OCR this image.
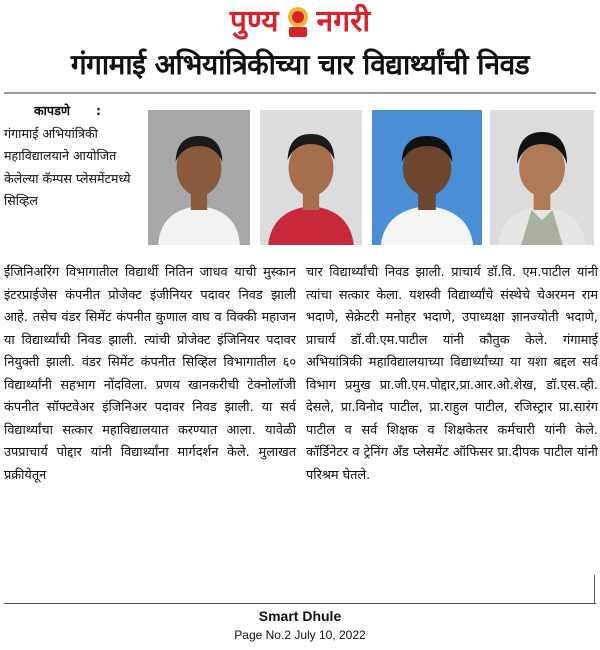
पुण्य नगरी
गंगामाई अभियांत्रिकीच्या चार विद्यार्थ्यांची निवड
कापडणे :
गंगामाई अभियांत्रिकी महाविद्यालयाने आयोजित केलेल्या कॅम्पस प्लेसमेंटमध्ये सिव्हिल
ईंजिनिअरिंग विभागातील विद्यार्थी नितिन जाधव याची मुस्कान इंटरप्राईजेस कंपनीत प्रोजेक्ट इंजीनियर पदावर निवड झाली आहे. तसेच वंडर सिमेंट कंपनीत कुणाल वाघ व विक्की महाजन या विद्यार्थ्यांची निवड झाली. त्यांची प्रोजेक्ट इंजिनियर पदावर नियुक्ती झाली. वंडर सिमेंट कंपनीत सिव्हिल विभागातील ६० विद्यार्थ्यांनी सहभाग नोंदविला. प्रणय खानकरीची टेक्नोलॉजी कंपनीत सॉफ्टवेअर इंजिनिअर पदावर निवड झाली. या सर्व विद्यार्थ्यांचा सत्कार महाविद्यालयात करण्यात आला. यावेळी उपप्राचार्य पोद्दार यांनी विद्यार्थ्यांना मार्गदर्शन केले. मुलाखत प्रक्रीयेतून
चार विद्यार्थ्यांची निवड झाली. प्राचार्य डॉ.वि. एम.पाटील यांनी त्यांचा सत्कार केला. यशस्वी विद्यार्थ्यांचे संस्थेचे चेअरमन राम भदाणे, सेक्रेटरी मनोहर भदाणे, उपाध्यक्षा ज्ञानज्योती भदाणे, प्राचार्य डॉ.वी.एम.पाटील यांनी कौतुक केले. गंगामाई अभियांत्रिकी महाविद्यालयाच्या विद्यार्थ्यांच्या या यशा बद्दल सर्व विभाग प्रमुख प्रा.जी.एम.पोद्दार,प्रा.आर.ओ.शेख, डॉ.एस.व्ही. देसले, प्रा.विनोद पाटील, प्रा.राहुल पाटील, रजिस्ट्रार प्रा.सारंग पाटील व सर्व शिक्षक व शिक्षकेतर कर्मचारी यांनी केले. कॉर्डिनेटर व ट्रेनिंग अँड प्लेसमेंट ऑफिसर प्रा.दीपक पाटील यांनी परिश्रम घेतले.
Smart Dhule
Page No.2 July 10, 2022
